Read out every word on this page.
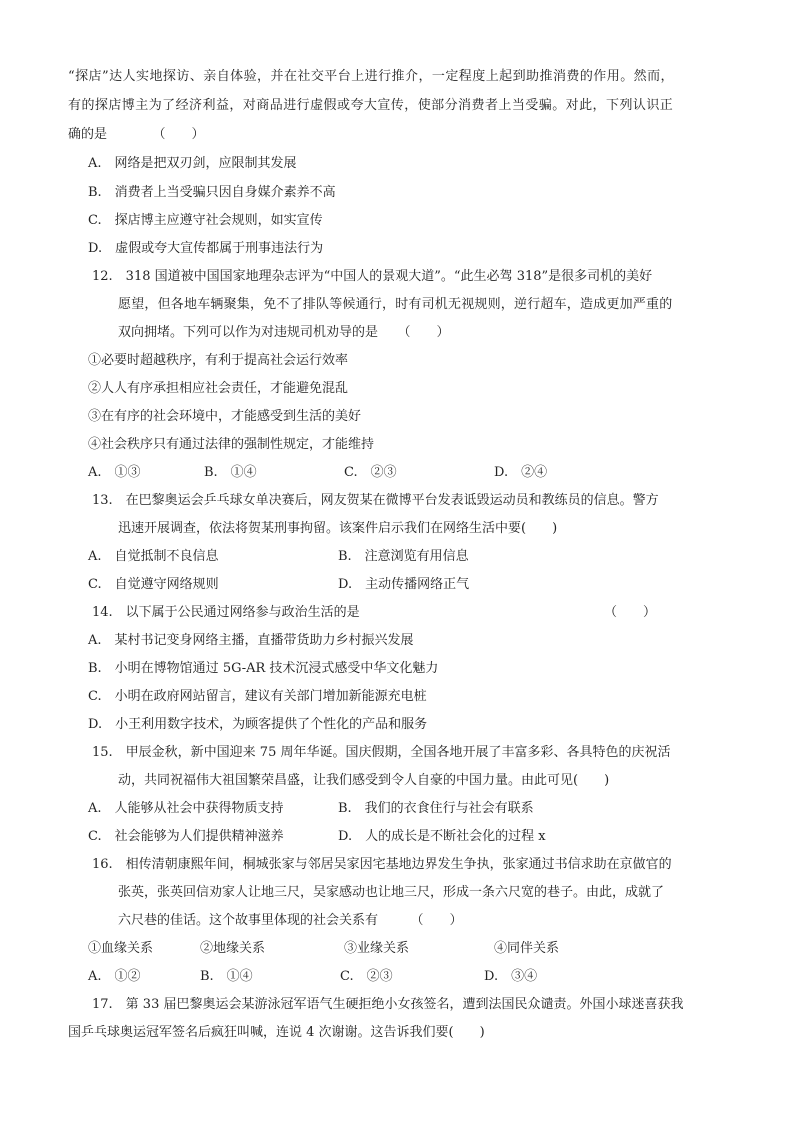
“探店”达人实地探访、亲自体验，并在社交平台上进行推介，一定程度上起到助推消费的作用。然而，
有的探店博主为了经济利益，对商品进行虚假或夸大宣传，使部分消费者上当受骗。对此，下列认识正
确的是　　　　（　　）
A.　网络是把双刃剑，应限制其发展
B.　消费者上当受骗只因自身媒介素养不高
C.　探店博主应遵守社会规则，如实宣传
D.　虚假或夸大宣传都属于刑事违法行为
12.　318 国道被中国国家地理杂志评为“中国人的景观大道”。“此生必驾 318”是很多司机的美好
愿望，但各地车辆聚集，免不了排队等候通行，时有司机无视规则，逆行超车，造成更加严重的
双向拥堵。下列可以作为对违规司机劝导的是　　（　　）
①必要时超越秩序，有利于提高社会运行效率
②人人有序承担相应社会责任，才能避免混乱
③在有序的社会环境中，才能感受到生活的美好
④社会秩序只有通过法律的强制性规定，才能维持
A.　①③	B.　①④	C.　②③	D.　②④
13.　在巴黎奥运会乒乓球女单决赛后，网友贺某在微博平台发表诋毁运动员和教练员的信息。警方
迅速开展调查，依法将贺某刑事拘留。该案件启示我们在网络生活中要(　　)
A.　自觉抵制不良信息	B.　注意浏览有用信息
C.　自觉遵守网络规则	D.　主动传播网络正气
14.　以下属于公民通过网络参与政治生活的是	（　　）
A.　某村书记变身网络主播，直播带货助力乡村振兴发展
B.　小明在博物馆通过 5G-AR 技术沉浸式感受中华文化魅力
C.　小明在政府网站留言，建议有关部门增加新能源充电桩
D.　小王利用数字技术，为顾客提供了个性化的产品和服务
15.　甲辰金秋，新中国迎来 75 周年华诞。国庆假期，全国各地开展了丰富多彩、各具特色的庆祝活
动，共同祝福伟大祖国繁荣昌盛，让我们感受到令人自豪的中国力量。由此可见(　　)
A.　人能够从社会中获得物质支持	B.　我们的衣食住行与社会有联系
C.　社会能够为人们提供精神滋养	D.　人的成长是不断社会化的过程 x
16.　相传清朝康熙年间，桐城张家与邻居吴家因宅基地边界发生争执，张家通过书信求助在京做官的
张英，张英回信劝家人让地三尺，吴家感动也让地三尺，形成一条六尺宽的巷子。由此，成就了
六尺巷的佳话。这个故事里体现的社会关系有　　　（　　）
①血缘关系	②地缘关系	③业缘关系	④同伴关系
A.　①②	B.　①④	C.　②③	D.　③④
17.　第 33 届巴黎奥运会某游泳冠军语气生硬拒绝小女孩签名，遭到法国民众谴责。外国小球迷喜获我
国乒乓球奥运冠军签名后疯狂叫喊，连说 4 次谢谢。这告诉我们要(　　)
